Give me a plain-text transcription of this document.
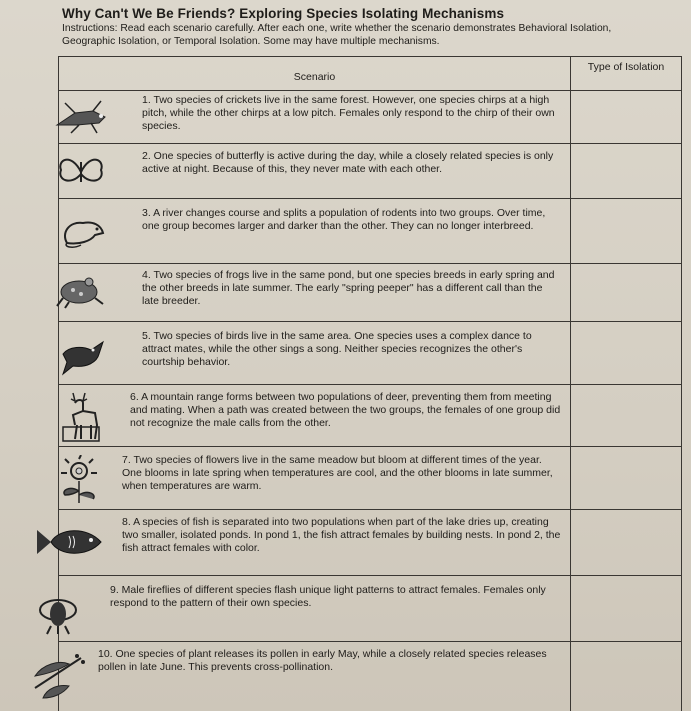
Why Can't We Be Friends? Exploring Species Isolating Mechanisms
Instructions: Read each scenario carefully. After each one, write whether the scenario demonstrates Behavioral Isolation, Geographic Isolation, or Temporal Isolation. Some may have multiple mechanisms.
Scenario	Type of Isolation

1. Two species of crickets live in the same forest. However, one species chirps at a high pitch, while the other chirps at a low pitch. Females only respond to the chirp of their own species.	

2. One species of butterfly is active during the day, while a closely related species is only active at night. Because of this, they never mate with each other.	

3. A river changes course and splits a population of rodents into two groups. Over time, one group becomes larger and darker than the other. They can no longer interbreed.	

4. Two species of frogs live in the same pond, but one species breeds in early spring and the other breeds in late summer. The early "spring peeper" has a different call than the late breeder.	

5. Two species of birds live in the same area. One species uses a complex dance to attract mates, while the other sings a song. Neither species recognizes the other's courtship behavior.	

6. A mountain range forms between two populations of deer, preventing them from meeting and mating. When a path was created between the two groups, the females of one group did not recognize the male calls from the other.	

7. Two species of flowers live in the same meadow but bloom at different times of the year. One blooms in late spring when temperatures are cool, and the other blooms in late summer, when temperatures are warm.	

8. A species of fish is separated into two populations when part of the lake dries up, creating two smaller, isolated ponds. In pond 1, the fish attract females by building nests. In pond 2, the fish attract females with color.	

9. Male fireflies of different species flash unique light patterns to attract females. Females only respond to the pattern of their own species.	

10. One species of plant releases its pollen in early May, while a closely related species releases pollen in late June. This prevents cross-pollination.	
